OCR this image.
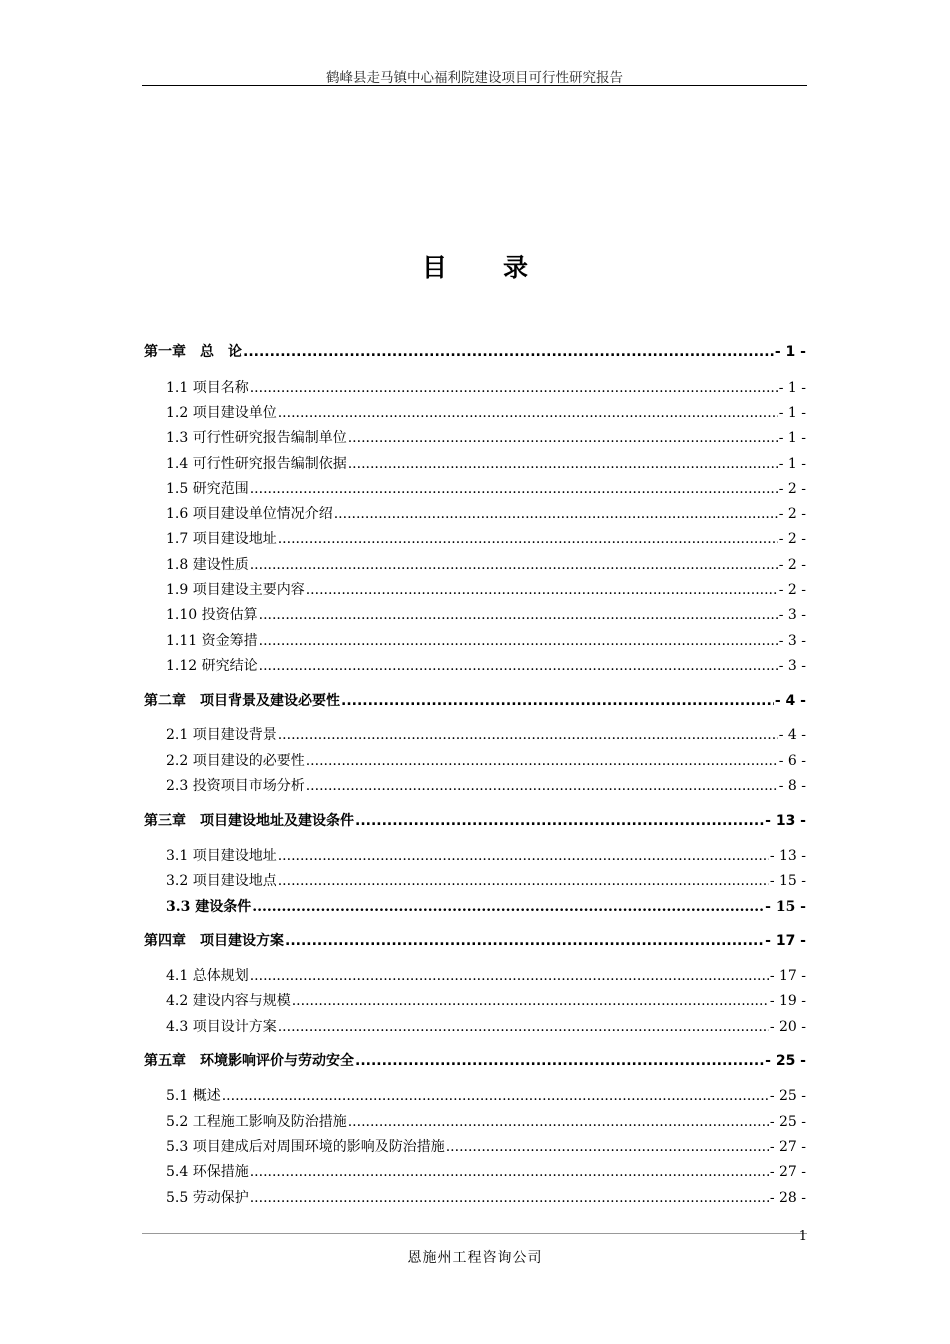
鹤峰县走马镇中心福利院建设项目可行性研究报告
目 录
第一章　总　论 .....	- 1 -
1.1 项目名称 .....	- 1 -
1.2 项目建设单位 .....	- 1 -
1.3 可行性研究报告编制单位 .....	- 1 -
1.4 可行性研究报告编制依据 .....	- 1 -
1.5 研究范围 .....	- 2 -
1.6 项目建设单位情况介绍 .....	- 2 -
1.7 项目建设地址 .....	- 2 -
1.8 建设性质 .....	- 2 -
1.9 项目建设主要内容 .....	- 2 -
1.10 投资估算 .....	- 3 -
1.11 资金筹措 .....	- 3 -
1.12 研究结论 .....	- 3 -
第二章　项目背景及建设必要性 .....	- 4 -
2.1 项目建设背景 .....	- 4 -
2.2 项目建设的必要性 .....	- 6 -
2.3 投资项目市场分析 .....	- 8 -
第三章　项目建设地址及建设条件 .....	- 13 -
3.1 项目建设地址 .....	- 13 -
3.2 项目建设地点 .....	- 15 -
3.3 建设条件 .....	- 15 -
第四章　项目建设方案 .....	- 17 -
4.1 总体规划 .....	- 17 -
4.2 建设内容与规模 .....	- 19 -
4.3 项目设计方案 .....	- 20 -
第五章　环境影响评价与劳动安全 .....	- 25 -
5.1 概述 .....	- 25 -
5.2 工程施工影响及防治措施 .....	- 25 -
5.3 项目建成后对周围环境的影响及防治措施 .....	- 27 -
5.4 环保措施 .....	- 27 -
5.5 劳动保护 .....	- 28 -
1
恩施州工程咨询公司
